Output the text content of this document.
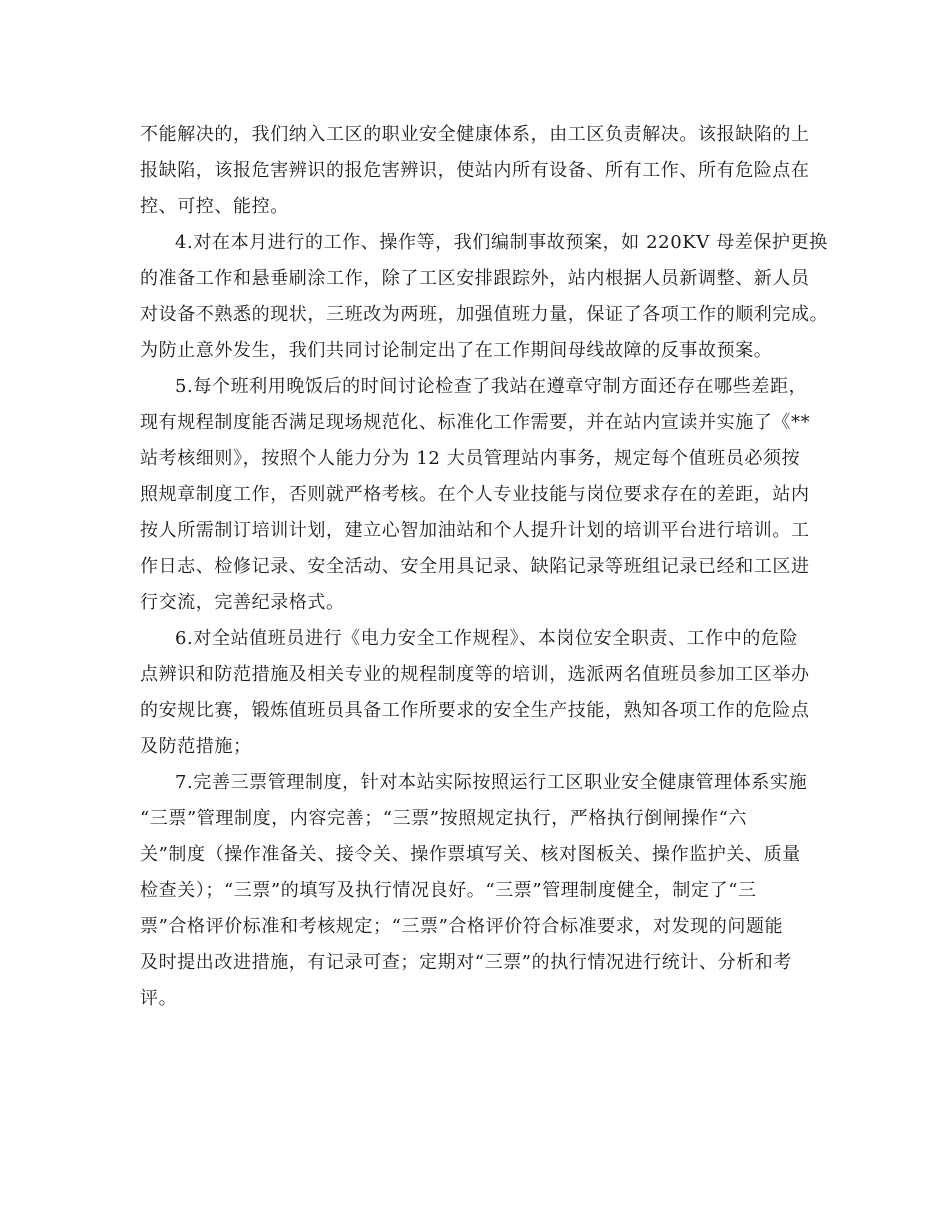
不能解决的，我们纳入工区的职业安全健康体系，由工区负责解决。该报缺陷的上
报缺陷，该报危害辨识的报危害辨识，使站内所有设备、所有工作、所有危险点在
控、可控、能控。
4.对在本月进行的工作、操作等，我们编制事故预案，如 220KV 母差保护更换
的准备工作和悬垂刷涂工作，除了工区安排跟踪外，站内根据人员新调整、新人员
对设备不熟悉的现状，三班改为两班，加强值班力量，保证了各项工作的顺利完成。
为防止意外发生，我们共同讨论制定出了在工作期间母线故障的反事故预案。
5.每个班利用晚饭后的时间讨论检查了我站在遵章守制方面还存在哪些差距，
现有规程制度能否满足现场规范化、标准化工作需要，并在站内宣读并实施了《**
站考核细则》，按照个人能力分为 12 大员管理站内事务，规定每个值班员必须按
照规章制度工作，否则就严格考核。在个人专业技能与岗位要求存在的差距，站内
按人所需制订培训计划，建立心智加油站和个人提升计划的培训平台进行培训。工
作日志、检修记录、安全活动、安全用具记录、缺陷记录等班组记录已经和工区进
行交流，完善纪录格式。
6.对全站值班员进行《电力安全工作规程》、本岗位安全职责、工作中的危险
点辨识和防范措施及相关专业的规程制度等的培训，选派两名值班员参加工区举办
的安规比赛，锻炼值班员具备工作所要求的安全生产技能，熟知各项工作的危险点
及防范措施；
7.完善三票管理制度，针对本站实际按照运行工区职业安全健康管理体系实施
“三票”管理制度，内容完善；“三票”按照规定执行，严格执行倒闸操作“六
关”制度（操作准备关、接令关、操作票填写关、核对图板关、操作监护关、质量
检查关）；“三票”的填写及执行情况良好。“三票”管理制度健全，制定了“三
票”合格评价标准和考核规定；“三票”合格评价符合标准要求，对发现的问题能
及时提出改进措施，有记录可查；定期对“三票”的执行情况进行统计、分析和考
评。
